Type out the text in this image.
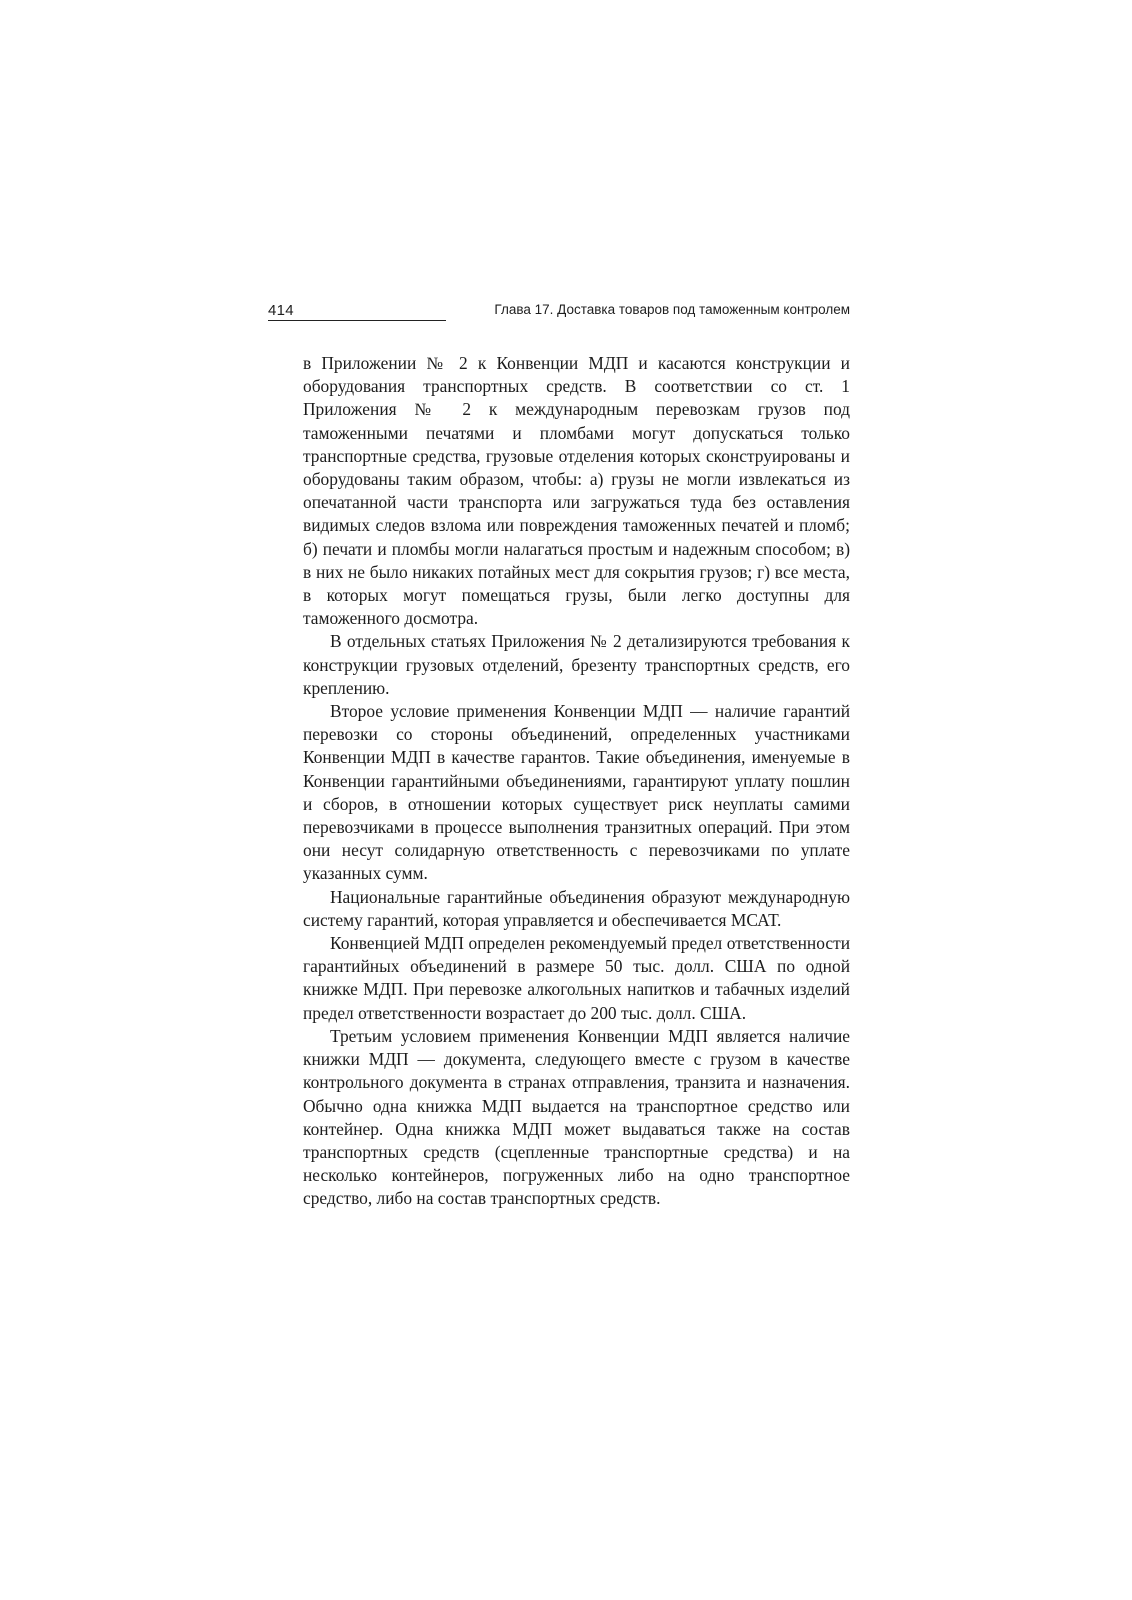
414	Глава 17. Доставка товаров под таможенным контролем

в Приложении № 2 к Конвенции МДП и касаются конструкции и оборудования транспортных средств. В соответствии со ст. 1 Приложения № 2 к международным перевозкам грузов под таможенными печатями и пломбами могут допускаться только транспортные средства, грузовые отделения которых сконструированы и оборудованы таким образом, чтобы: а) грузы не могли извлекаться из опечатанной части транспорта или загружаться туда без оставления видимых следов взлома или повреждения таможенных печатей и пломб; б) печати и пломбы могли налагаться простым и надежным способом; в) в них не было никаких потайных мест для сокрытия грузов; г) все места, в которых могут помещаться грузы, были легко доступны для таможенного досмотра.

В отдельных статьях Приложения № 2 детализируются требования к конструкции грузовых отделений, брезенту транспортных средств, его креплению.

Второе условие применения Конвенции МДП — наличие гарантий перевозки со стороны объединений, определенных участниками Конвенции МДП в качестве гарантов. Такие объединения, именуемые в Конвенции гарантийными объединениями, гарантируют уплату пошлин и сборов, в отношении которых существует риск неуплаты самими перевозчиками в процессе выполнения транзитных операций. При этом они несут солидарную ответственность с перевозчиками по уплате указанных сумм.

Национальные гарантийные объединения образуют международную систему гарантий, которая управляется и обеспечивается МСАТ.

Конвенцией МДП определен рекомендуемый предел ответственности гарантийных объединений в размере 50 тыс. долл. США по одной книжке МДП. При перевозке алкогольных напитков и табачных изделий предел ответственности возрастает до 200 тыс. долл. США.

Третьим условием применения Конвенции МДП является наличие книжки МДП — документа, следующего вместе с грузом в качестве контрольного документа в странах отправления, транзита и назначения. Обычно одна книжка МДП выдается на транспортное средство или контейнер. Одна книжка МДП может выдаваться также на состав транспортных средств (сцепленные транспортные средства) и на несколько контейнеров, погруженных либо на одно транспортное средство, либо на состав транспортных средств.
